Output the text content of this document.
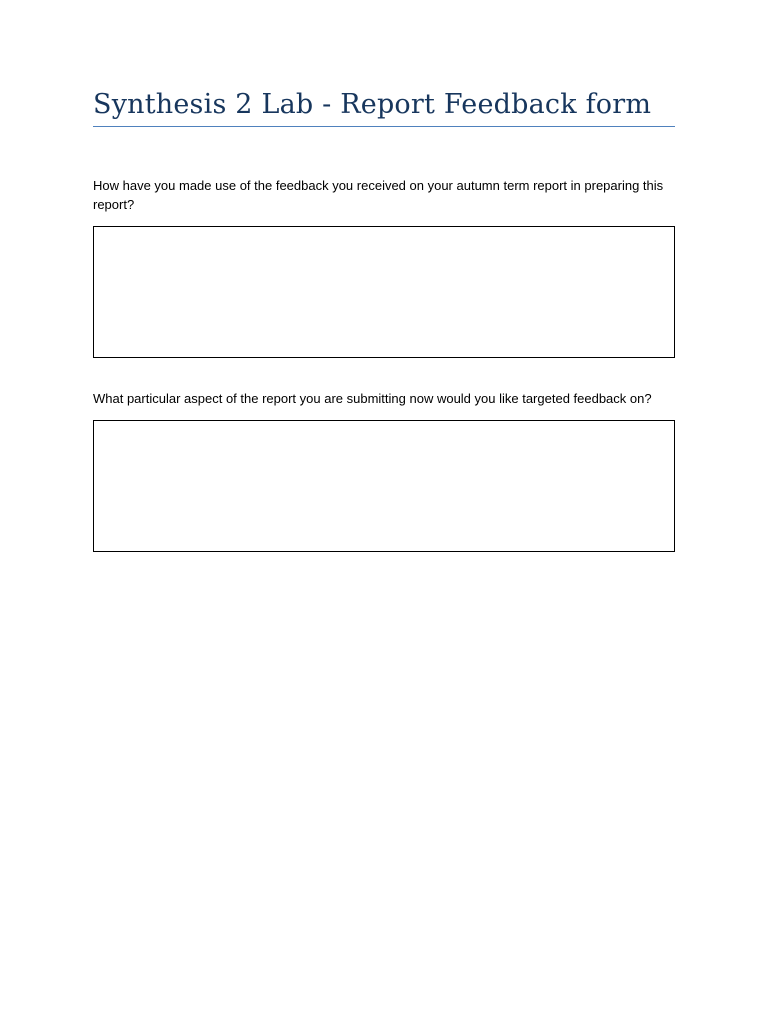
Synthesis 2 Lab - Report Feedback form

How have you made use of the feedback you received on your autumn term report in preparing this report?

What particular aspect of the report you are submitting now would you like targeted feedback on?
